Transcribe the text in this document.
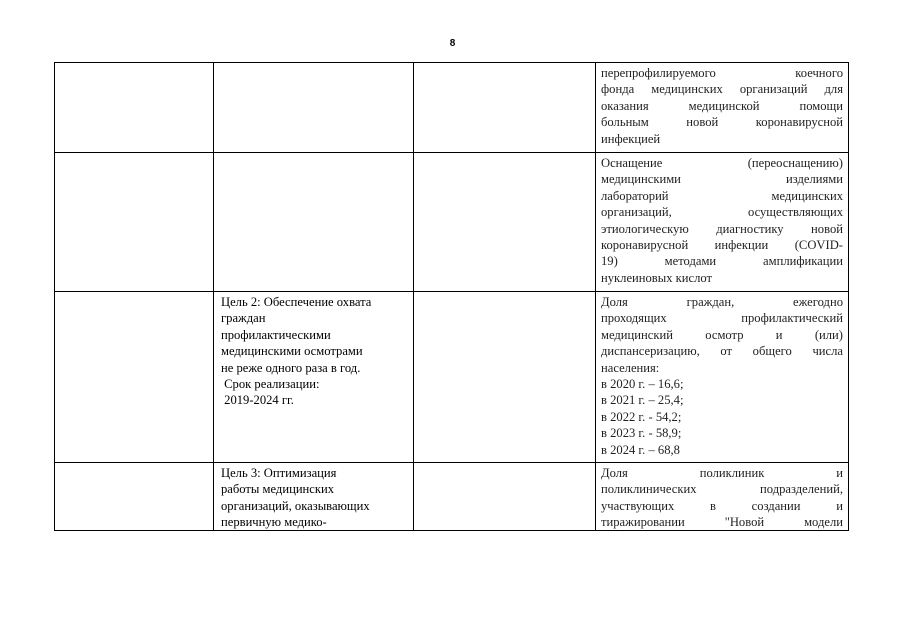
8
перепрофилируемого коечного
фонда медицинских организаций для
оказания медицинской помощи
больным новой коронавирусной
инфекцией
Оснащение (переоснащению)
медицинскими изделиями
лабораторий медицинских
организаций, осуществляющих
этиологическую диагностику новой
коронавирусной инфекции (COVID-
19) методами амплификации
нуклеиновых кислот
Цель 2: Обеспечение охвата
граждан
профилактическими
медицинскими осмотрами
не реже одного раза в год.
Срок реализации:
2019-2024 гг.
Доля граждан, ежегодно
проходящих профилактический
медицинский осмотр и (или)
диспансеризацию, от общего числа
населения:
в 2020 г. – 16,6;
в 2021 г. – 25,4;
в 2022 г. - 54,2;
в 2023 г. - 58,9;
в 2024 г. – 68,8
Цель 3: Оптимизация
работы медицинских
организаций, оказывающих
первичную медико-
Доля поликлиник и
поликлинических подразделений,
участвующих в создании и
тиражировании "Новой модели
